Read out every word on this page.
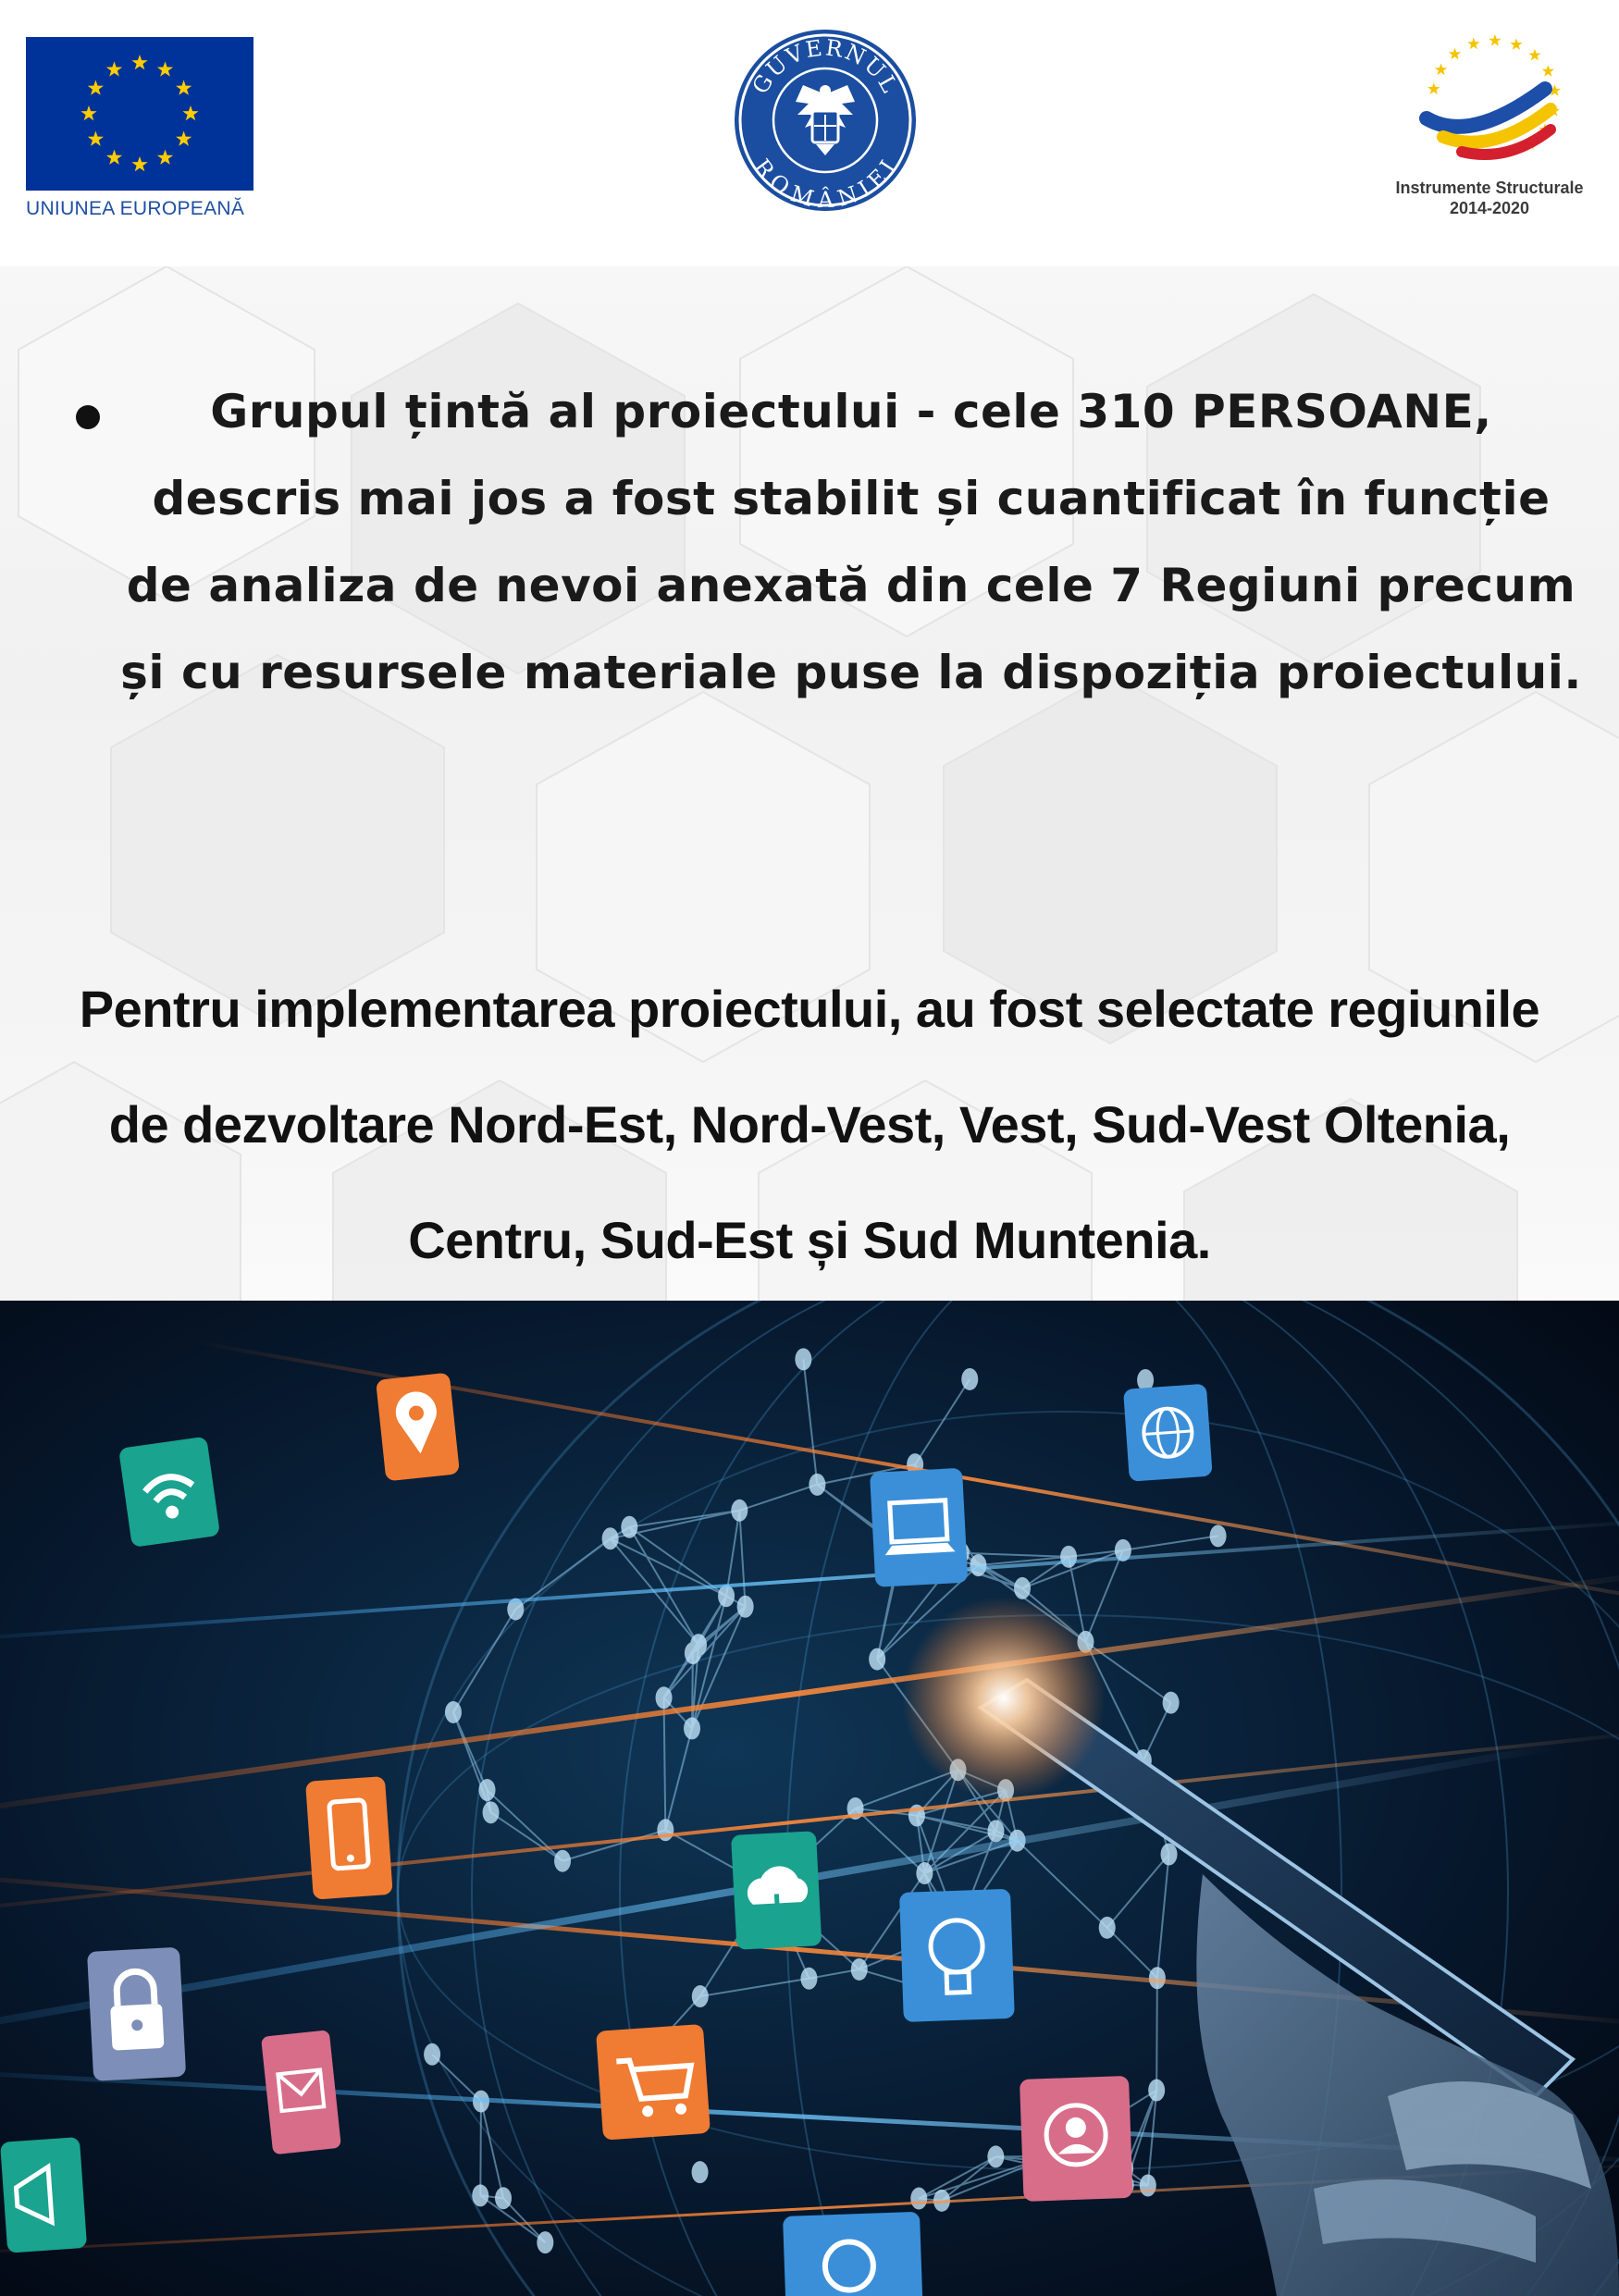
UNIUNEA EUROPEANĂ
GUVERNUL
ROMÂNIEI
Instrumente Structurale
2014-2020

Grupul țintă al proiectului - cele 310 PERSOANE, descris mai jos a fost stabilit și cuantificat în funcție de analiza de nevoi anexată din cele 7 Regiuni precum și cu resursele materiale puse la dispoziția proiectului.

Pentru implementarea proiectului, au fost selectate regiunile de dezvoltare Nord-Est, Nord-Vest, Vest, Sud-Vest Oltenia, Centru, Sud-Est și Sud Muntenia.
